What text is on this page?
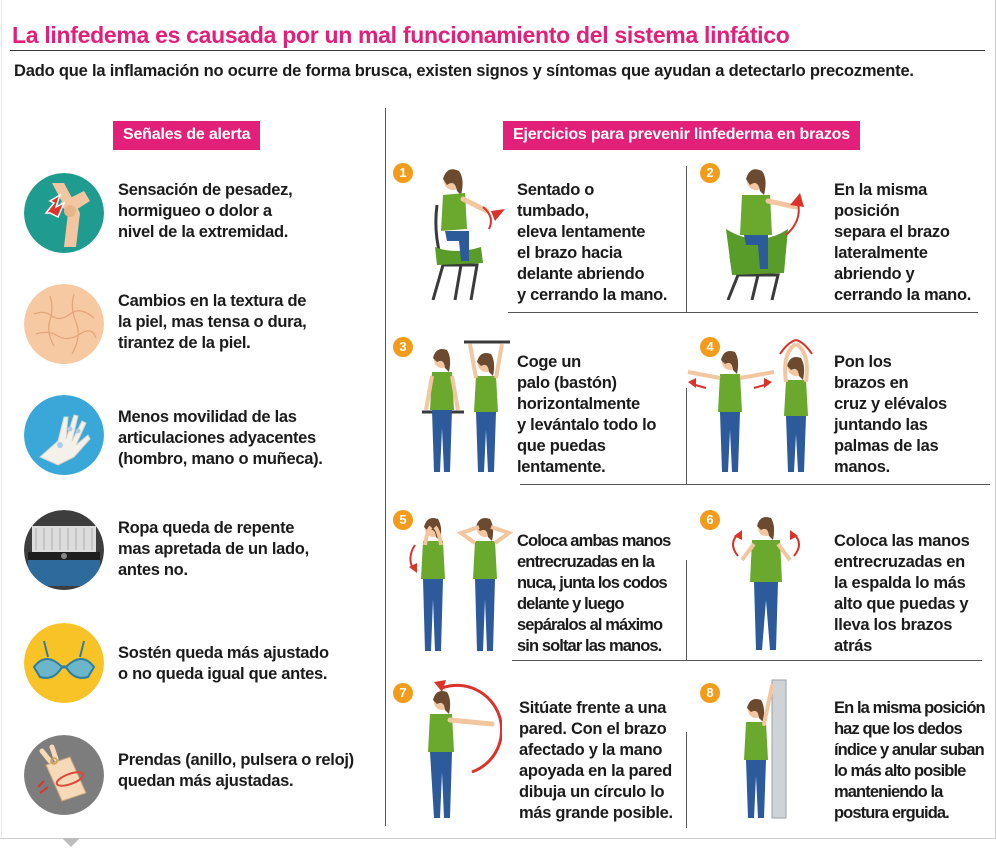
La linfedema es causada por un mal funcionamiento del sistema linfático
Dado que la inflamación no ocurre de forma brusca, existen signos y síntomas que ayudan a detectarlo precozmente.
Señales de alerta
Sensación de pesadez,
hormigueo o dolor a
nivel de la extremidad.
Cambios en la textura de
la piel, mas tensa o dura,
tirantez de la piel.
Menos movilidad de las
articulaciones adyacentes
(hombro, mano o muñeca).
Ropa queda de repente
mas apretada de un lado,
antes no.
Sostén queda más ajustado
o no queda igual que antes.
Prendas (anillo, pulsera o reloj)
quedan más ajustadas.
Ejercicios para prevenir linfederma en brazos
1
Sentado o
tumbado,
eleva lentamente
el brazo hacia
delante abriendo
y cerrando la mano.
2
En la misma
posición
separa el brazo
lateralmente
abriendo y
cerrando la mano.
3
Coge un
palo (bastón)
horizontalmente
y levántalo todo lo
que puedas
lentamente.
4
Pon los
brazos en
cruz y elévalos
juntando las
palmas de las
manos.
5
Coloca ambas manos
entrecruzadas en la
nuca, junta los codos
delante y luego
sepáralos al máximo
sin soltar las manos.
6
Coloca las manos
entrecruzadas en
la espalda lo más
alto que puedas y
lleva los brazos
atrás
7
Sitúate frente a una
pared. Con el brazo
afectado y la mano
apoyada en la pared
dibuja un círculo lo
más grande posible.
8
En la misma posición
haz que los dedos
índice y anular suban
lo más alto posible
manteniendo la
postura erguida.
